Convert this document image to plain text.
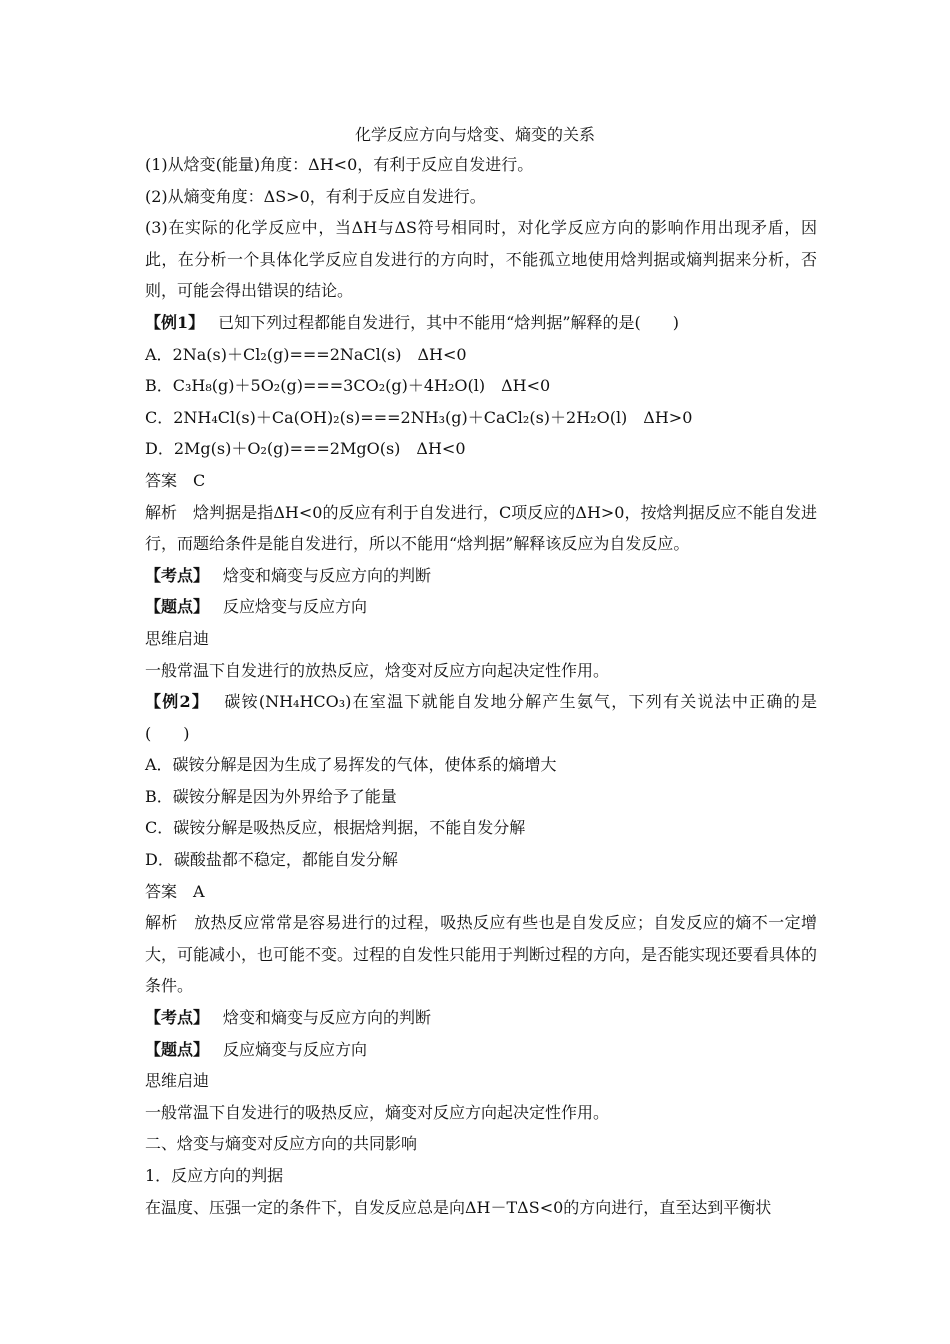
化学反应方向与焓变、熵变的关系

(1)从焓变(能量)角度：ΔH<0，有利于反应自发进行。

(2)从熵变角度：ΔS>0，有利于反应自发进行。

(3)在实际的化学反应中，当ΔH与ΔS符号相同时，对化学反应方向的影响作用出现矛盾，因此，在分析一个具体化学反应自发进行的方向时，不能孤立地使用焓判据或熵判据来分析，否则，可能会得出错误的结论。

【例1】 已知下列过程都能自发进行，其中不能用“焓判据”解释的是(　　)

A．2Na(s)＋Cl₂(g)===2NaCl(s)　ΔH<0

B．C₃H₈(g)＋5O₂(g)===3CO₂(g)＋4H₂O(l)　ΔH<0

C．2NH₄Cl(s)＋Ca(OH)₂(s)===2NH₃(g)＋CaCl₂(s)＋2H₂O(l)　ΔH>0

D．2Mg(s)＋O₂(g)===2MgO(s)　ΔH<0

答案　C

解析　焓判据是指ΔH<0的反应有利于自发进行，C项反应的ΔH>0，按焓判据反应不能自发进行，而题给条件是能自发进行，所以不能用“焓判据”解释该反应为自发反应。

【考点】 焓变和熵变与反应方向的判断

【题点】 反应焓变与反应方向

思维启迪

一般常温下自发进行的放热反应，焓变对反应方向起决定性作用。

【例2】 碳铵(NH₄HCO₃)在室温下就能自发地分解产生氨气，下列有关说法中正确的是(　　)

A．碳铵分解是因为生成了易挥发的气体，使体系的熵增大

B．碳铵分解是因为外界给予了能量

C．碳铵分解是吸热反应，根据焓判据，不能自发分解

D．碳酸盐都不稳定，都能自发分解

答案　A

解析　放热反应常常是容易进行的过程，吸热反应有些也是自发反应；自发反应的熵不一定增大，可能减小，也可能不变。过程的自发性只能用于判断过程的方向，是否能实现还要看具体的条件。

【考点】 焓变和熵变与反应方向的判断

【题点】 反应熵变与反应方向

思维启迪

一般常温下自发进行的吸热反应，熵变对反应方向起决定性作用。

二、焓变与熵变对反应方向的共同影响

1．反应方向的判据

在温度、压强一定的条件下，自发反应总是向ΔH－TΔS<0的方向进行，直至达到平衡状
